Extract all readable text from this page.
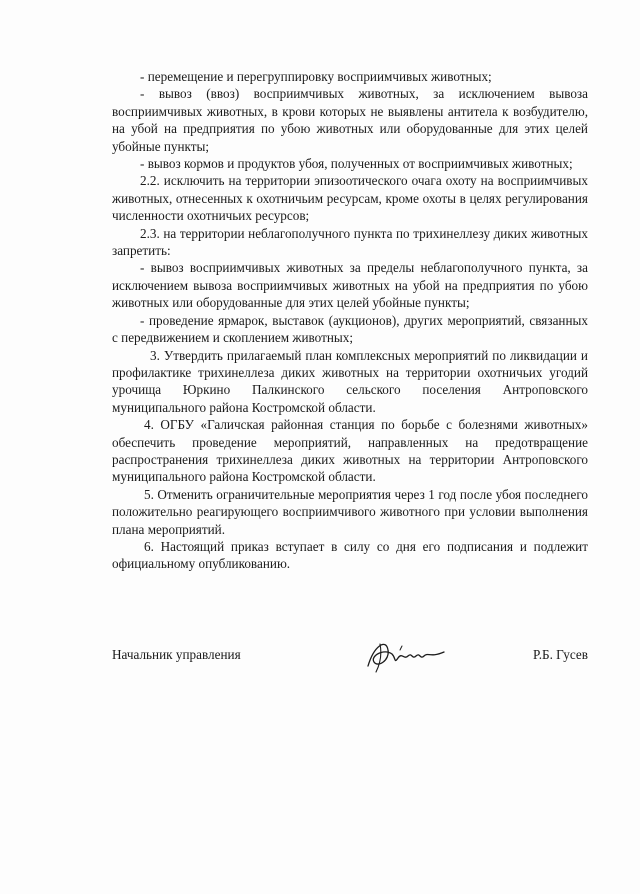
- перемещение и перегруппировку восприимчивых животных;

- вывоз (ввоз) восприимчивых животных, за исключением вывоза восприимчивых животных, в крови которых не выявлены антитела к возбудителю, на убой на предприятия по убою животных или оборудованные для этих целей убойные пункты;

- вывоз кормов и продуктов убоя, полученных от восприимчивых животных;

2.2. исключить на территории эпизоотического очага охоту на восприимчивых животных, отнесенных к охотничьим ресурсам, кроме охоты в целях регулирования численности охотничьих ресурсов;

2.3. на территории неблагополучного пункта по трихинеллезу диких животных запретить:

- вывоз восприимчивых животных за пределы неблагополучного пункта, за исключением вывоза восприимчивых животных на убой на предприятия по убою животных или оборудованные для этих целей убойные пункты;

- проведение ярмарок, выставок (аукционов), других мероприятий, связанных с передвижением и скоплением животных;

3. Утвердить прилагаемый план комплексных мероприятий по ликвидации и профилактике трихинеллеза диких животных на территории охотничьих угодий урочища Юркино Палкинского сельского поселения Антроповского муниципального района Костромской области.

4. ОГБУ «Галичская районная станция по борьбе с болезнями животных» обеспечить проведение мероприятий, направленных на предотвращение распространения трихинеллеза диких животных на территории Антроповского муниципального района Костромской области.

5. Отменить ограничительные мероприятия через 1 год после убоя последнего положительно реагирующего восприимчивого животного при условии выполнения плана мероприятий.

6. Настоящий приказ вступает в силу со дня его подписания и подлежит официальному опубликованию.

Начальник управления	Р.Б. Гусев
